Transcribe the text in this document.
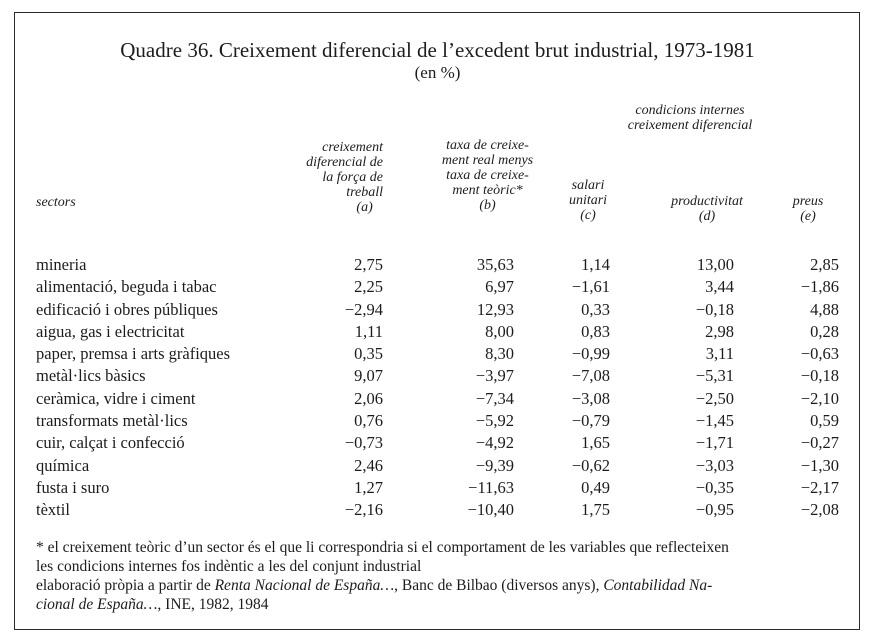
Quadre 36. Creixement diferencial de l’excedent brut industrial, 1973-1981
(en %)
condicions internes
creixement diferencial
sectors
creixement
diferencial de
la força de
treball
(a)
taxa de creixe-
ment real menys
taxa de creixe-
ment teòric*
(b)
salari
unitari
(c)
productivitat
(d)
preus
(e)
mineria	2,75	35,63	1,14	13,00	2,85
alimentació, beguda i tabac	2,25	6,97	−1,61	3,44	−1,86
edificació i obres públiques	−2,94	12,93	0,33	−0,18	4,88
aigua, gas i electricitat	1,11	8,00	0,83	2,98	0,28
paper, premsa i arts gràfiques	0,35	8,30	−0,99	3,11	−0,63
metàl·lics bàsics	9,07	−3,97	−7,08	−5,31	−0,18
ceràmica, vidre i ciment	2,06	−7,34	−3,08	−2,50	−2,10
transformats metàl·lics	0,76	−5,92	−0,79	−1,45	0,59
cuir, calçat i confecció	−0,73	−4,92	1,65	−1,71	−0,27
química	2,46	−9,39	−0,62	−3,03	−1,30
fusta i suro	1,27	−11,63	0,49	−0,35	−2,17
tèxtil	−2,16	−10,40	1,75	−0,95	−2,08
* el creixement teòric d’un sector és el que li correspondria si el comportament de les variables que reflecteixen
les condicions internes fos indèntic a les del conjunt industrial
elaboració pròpia a partir de Renta Nacional de España…, Banc de Bilbao (diversos anys), Contabilidad Na-
cional de España…, INE, 1982, 1984
